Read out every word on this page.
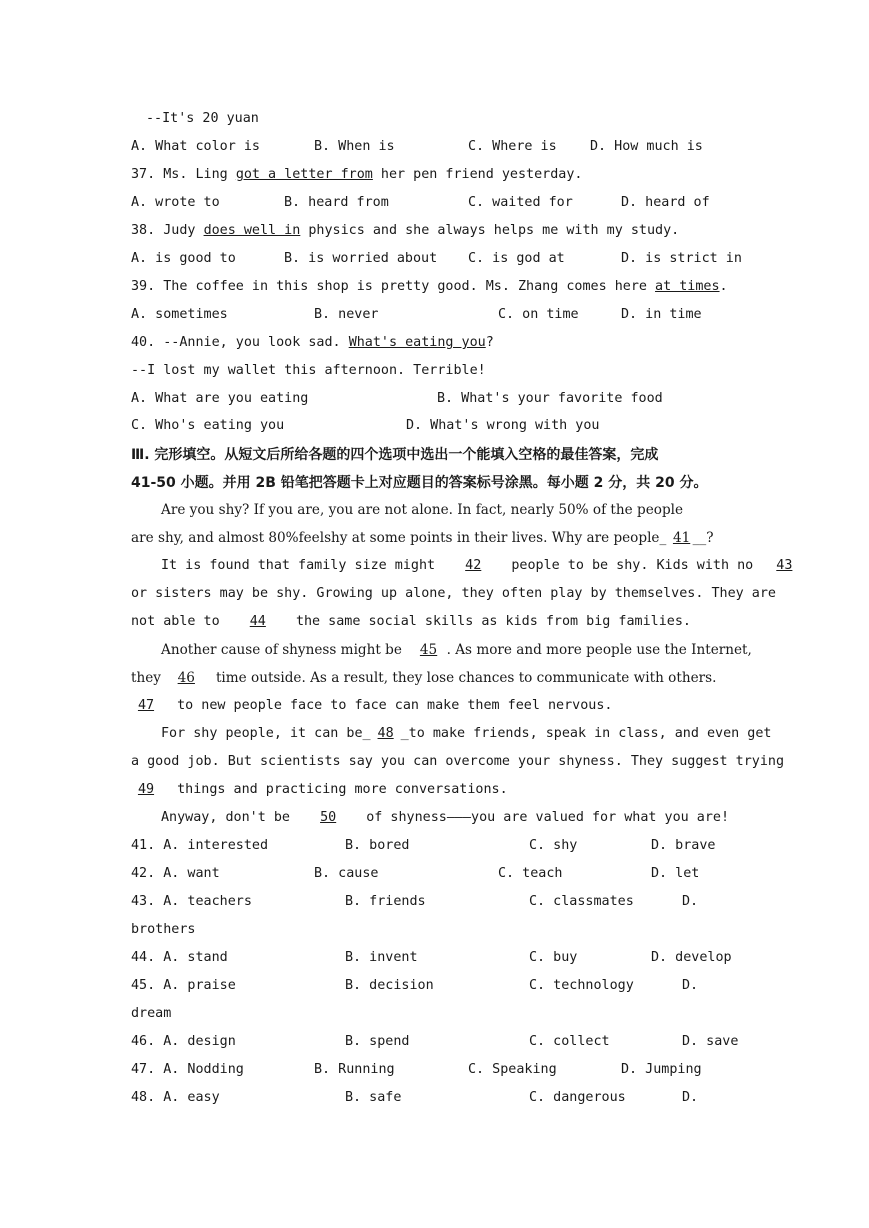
--It's 20 yuan
A. What color is	B. When is	C. Where is D. How much is
37. Ms. Ling got a letter from her pen friend yesterday.
A. wrote to	B. heard from	C. waited for	D. heard of
38. Judy does well in physics and she always helps me with my study.
A. is good to	B. is worried about C. is god at	D. is strict in
39. The coffee in this shop is pretty good. Ms. Zhang comes here at times.
A. sometimes	B. never	C. on time	D. in time
40. --Annie, you look sad. What's eating you?
--I lost my wallet this afternoon. Terrible!
A. What are you eating	B. What's your favorite food
C. Who's eating you	D. What's wrong with you
Ⅲ. 完形填空。从短文后所给各题的四个选项中选出一个能填入空格的最佳答案，完成
41-50 小题。并用 2B 铅笔把答题卡上对应题目的答案标号涂黑。每小题 2 分，共 20 分。
Are you shy? If you are, you are not alone. In fact, nearly 50% of the people
are shy, and almost 80%feelshy at some points in their lives. Why are people_ 41 __?
It is found that family size might 42 people to be shy. Kids with no 43
or sisters may be shy. Growing up alone, they often play by themselves. They are
not able to 44 the same social skills as kids from big families.
Another cause of shyness might be 45 . As more and more people use the Internet,
they 46 time outside. As a result, they lose chances to communicate with others.
47 to new people face to face can make them feel nervous.
For shy people, it can be_ 48 _to make friends, speak in class, and even get
a good job. But scientists say you can overcome your shyness. They suggest trying
49 things and practicing more conversations.
Anyway, don't be 50 of shyness———you are valued for what you are!
41. A. interested	B. bored	C. shy	D. brave
42. A. want	B. cause	C. teach	D. let
43. A. teachers	B. friends	C. classmates	D.
brothers
44. A. stand	B. invent	C. buy	D. develop
45. A. praise	B. decision	C. technology	D.
dream
46. A. design	B. spend	C. collect	D. save
47. A. Nodding	B. Running	C. Speaking	D. Jumping
48. A. easy	B. safe	C. dangerous	D.
